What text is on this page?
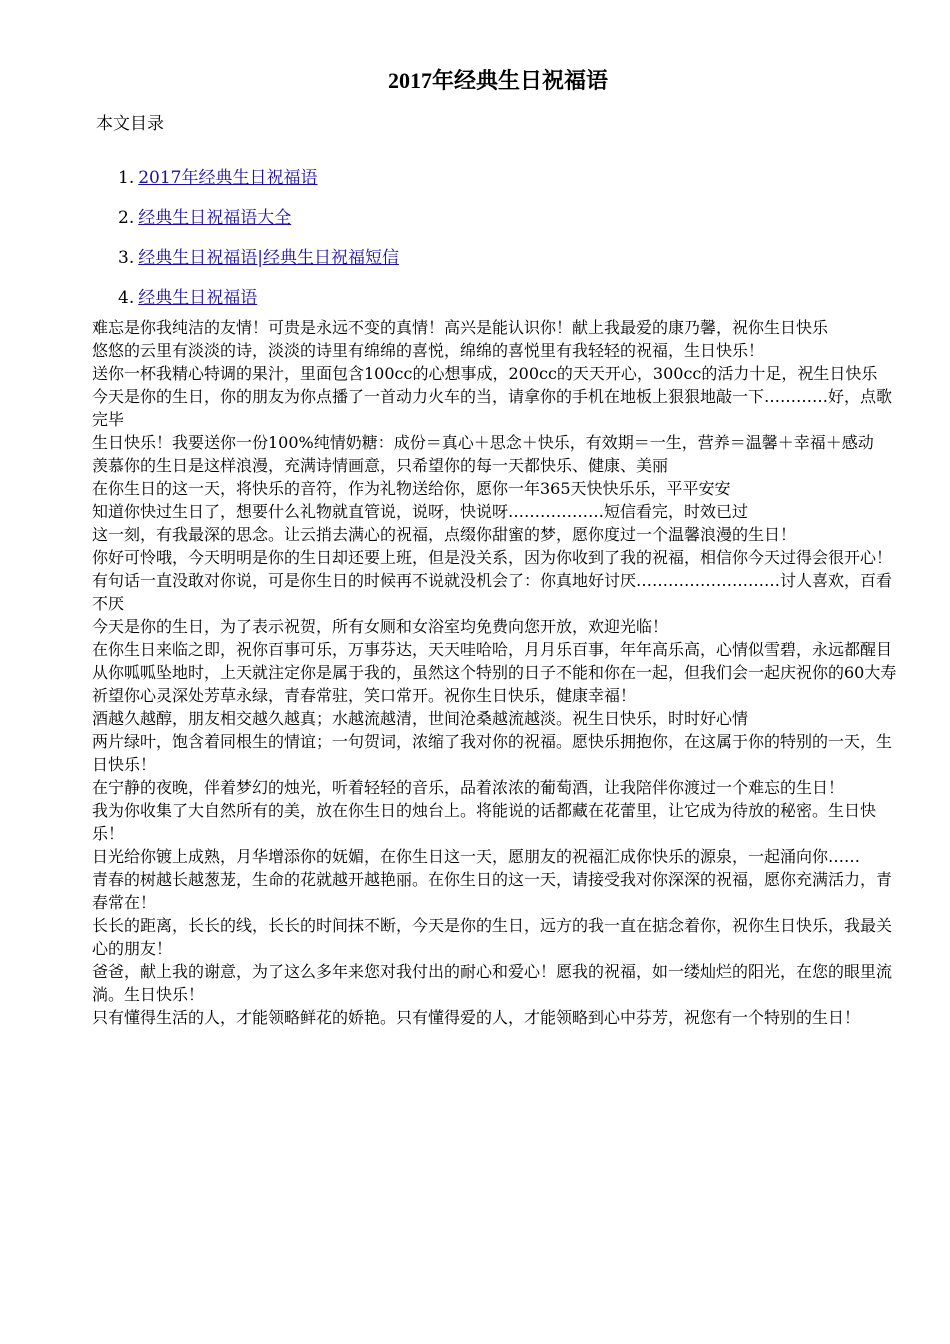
2017年经典生日祝福语
本文目录
1. 2017年经典生日祝福语
2. 经典生日祝福语大全
3. 经典生日祝福语|经典生日祝福短信
4. 经典生日祝福语

难忘是你我纯洁的友情！可贵是永远不变的真情！高兴是能认识你！献上我最爱的康乃馨，祝你生日快乐

悠悠的云里有淡淡的诗，淡淡的诗里有绵绵的喜悦，绵绵的喜悦里有我轻轻的祝福，生日快乐！

送你一杯我精心特调的果汁，里面包含100cc的心想事成，200cc的天天开心，300cc的活力十足，祝生日快乐

今天是你的生日，你的朋友为你点播了一首动力火车的当，请拿你的手机在地板上狠狠地敲一下…………好，点歌完毕

生日快乐！我要送你一份100%纯情奶糖：成份＝真心＋思念＋快乐，有效期＝一生，营养＝温馨＋幸福＋感动

羡慕你的生日是这样浪漫，充满诗情画意，只希望你的每一天都快乐、健康、美丽

在你生日的这一天，将快乐的音符，作为礼物送给你，愿你一年365天快快乐乐，平平安安

知道你快过生日了，想要什么礼物就直管说，说呀，快说呀………………短信看完，时效已过

这一刻，有我最深的思念。让云捎去满心的祝福，点缀你甜蜜的梦，愿你度过一个温馨浪漫的生日！

你好可怜哦，今天明明是你的生日却还要上班，但是没关系，因为你收到了我的祝福，相信你今天过得会很开心！

有句话一直没敢对你说，可是你生日的时候再不说就没机会了：你真地好讨厌………………………讨人喜欢，百看不厌

今天是你的生日，为了表示祝贺，所有女厕和女浴室均免费向您开放，欢迎光临！

在你生日来临之即，祝你百事可乐，万事芬达，天天哇哈哈，月月乐百事，年年高乐高，心情似雪碧，永远都醒目

从你呱呱坠地时，上天就注定你是属于我的，虽然这个特别的日子不能和你在一起，但我们会一起庆祝你的60大寿

祈望你心灵深处芳草永绿，青春常驻，笑口常开。祝你生日快乐，健康幸福！

酒越久越醇，朋友相交越久越真；水越流越清，世间沧桑越流越淡。祝生日快乐，时时好心情

两片绿叶，饱含着同根生的情谊；一句贺词，浓缩了我对你的祝福。愿快乐拥抱你，在这属于你的特别的一天，生日快乐！

在宁静的夜晚，伴着梦幻的烛光，听着轻轻的音乐，品着浓浓的葡萄酒，让我陪伴你渡过一个难忘的生日！

我为你收集了大自然所有的美，放在你生日的烛台上。将能说的话都藏在花蕾里，让它成为待放的秘密。生日快乐！

日光给你镀上成熟，月华增添你的妩媚，在你生日这一天，愿朋友的祝福汇成你快乐的源泉，一起涌向你……

青春的树越长越葱茏，生命的花就越开越艳丽。在你生日的这一天，请接受我对你深深的祝福，愿你充满活力，青春常在！

长长的距离，长长的线，长长的时间抹不断，今天是你的生日，远方的我一直在掂念着你，祝你生日快乐，我最关心的朋友！

爸爸，献上我的谢意，为了这么多年来您对我付出的耐心和爱心！愿我的祝福，如一缕灿烂的阳光，在您的眼里流淌。生日快乐！

只有懂得生活的人，才能领略鲜花的娇艳。只有懂得爱的人，才能领略到心中芬芳，祝您有一个特别的生日！
